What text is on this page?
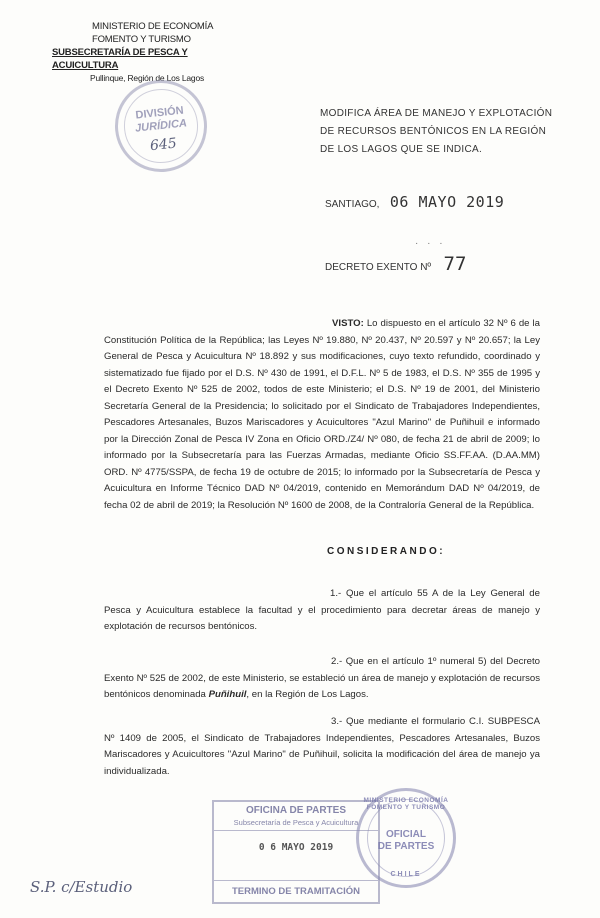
MINISTERIO DE ECONOMÍA
FOMENTO Y TURISMO
SUBSECRETARÍA DE PESCA Y ACUICULTURA
Pullinque, Región de Los Lagos
DIVISIÓN
JURÍDICA
645
MODIFICA ÁREA DE MANEJO Y EXPLOTACIÓN DE RECURSOS BENTÓNICOS EN LA REGIÓN DE LOS LAGOS QUE SE INDICA.
SANTIAGO, 06 MAYO 2019
· · ·
DECRETO EXENTO Nº 77
VISTO: Lo dispuesto en el artículo 32 Nº 6 de la Constitución Política de la República; las Leyes Nº 19.880, Nº 20.437, Nº 20.597 y Nº 20.657; la Ley General de Pesca y Acuicultura Nº 18.892 y sus modificaciones, cuyo texto refundido, coordinado y sistematizado fue fijado por el D.S. Nº 430 de 1991, el D.F.L. Nº 5 de 1983, el D.S. Nº 355 de 1995 y el Decreto Exento Nº 525 de 2002, todos de este Ministerio; el D.S. Nº 19 de 2001, del Ministerio Secretaría General de la Presidencia; lo solicitado por el Sindicato de Trabajadores Independientes, Pescadores Artesanales, Buzos Mariscadores y Acuicultores "Azul Marino" de Puñihuil e informado por la Dirección Zonal de Pesca IV Zona en Oficio ORD./Z4/ Nº 080, de fecha 21 de abril de 2009; lo informado por la Subsecretaría para las Fuerzas Armadas, mediante Oficio SS.FF.AA. (D.AA.MM) ORD. Nº 4775/SSPA, de fecha 19 de octubre de 2015; lo informado por la Subsecretaría de Pesca y Acuicultura en Informe Técnico DAD Nº 04/2019, contenido en Memorándum DAD Nº 04/2019, de fecha 02 de abril de 2019; la Resolución Nº 1600 de 2008, de la Contraloría General de la República.
CONSIDERANDO:
1.- Que el artículo 55 A de la Ley General de Pesca y Acuicultura establece la facultad y el procedimiento para decretar áreas de manejo y explotación de recursos bentónicos.
2.- Que en el artículo 1º numeral 5) del Decreto Exento Nº 525 de 2002, de este Ministerio, se estableció un área de manejo y explotación de recursos bentónicos denominada Puñihuil, en la Región de Los Lagos.
3.- Que mediante el formulario C.I. SUBPESCA Nº 1409 de 2005, el Sindicato de Trabajadores Independientes, Pescadores Artesanales, Buzos Mariscadores y Acuicultores "Azul Marino" de Puñihuil, solicita la modificación del área de manejo ya individualizada.
OFICINA DE PARTES
Subsecretaría de Pesca y Acuicultura
0 6 MAYO 2019
TERMINO DE TRAMITACIÓN
MINISTERIO ECONOMÍA FOMENTO Y TURISMO
OFICIAL
DE PARTES
CHILE
S.P. c/Estudio
